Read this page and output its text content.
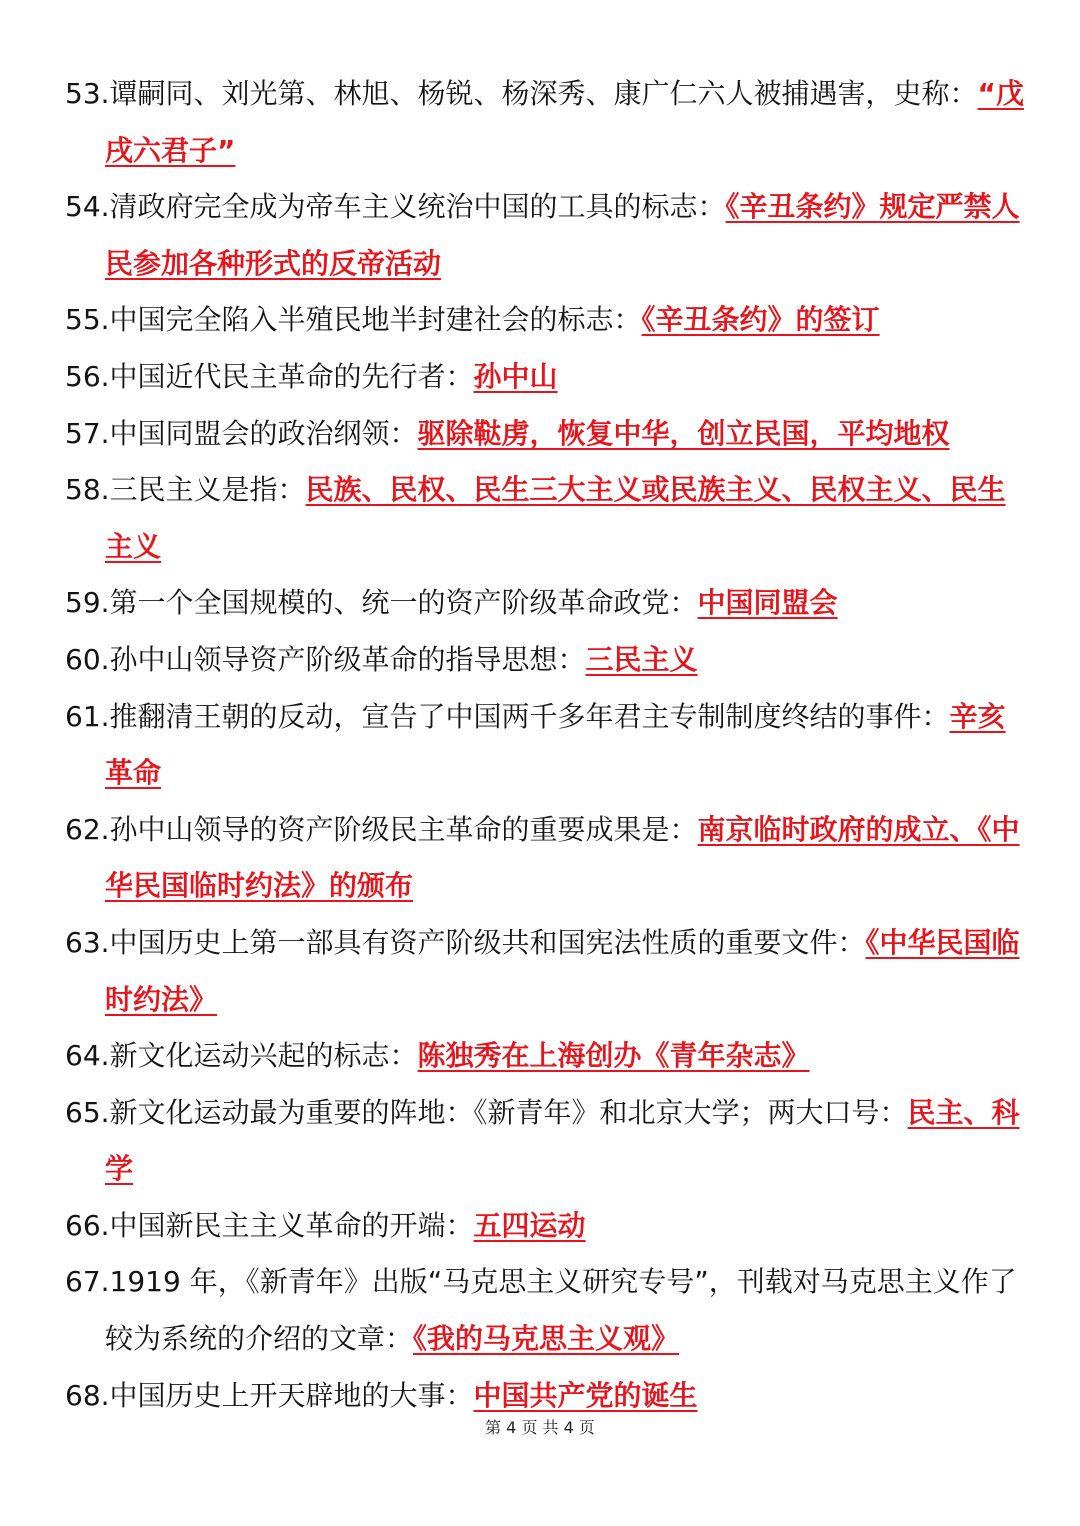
53.谭嗣同、刘光第、林旭、杨锐、杨深秀、康广仁六人被捕遇害，史称：“戊戌六君子”
54.清政府完全成为帝车主义统治中国的工具的标志：《辛丑条约》规定严禁人民参加各种形式的反帝活动
55.中国完全陷入半殖民地半封建社会的标志：《辛丑条约》的签订
56.中国近代民主革命的先行者：孙中山
57.中国同盟会的政治纲领：驱除鞑虏，恢复中华，创立民国，平均地权
58.三民主义是指：民族、民权、民生三大主义或民族主义、民权主义、民生主义
59.第一个全国规模的、统一的资产阶级革命政党：中国同盟会
60.孙中山领导资产阶级革命的指导思想：三民主义
61.推翻清王朝的反动，宣告了中国两千多年君主专制制度终结的事件：辛亥革命
62.孙中山领导的资产阶级民主革命的重要成果是：南京临时政府的成立、《中华民国临时约法》的颁布
63.中国历史上第一部具有资产阶级共和国宪法性质的重要文件：《中华民国临时约法》
64.新文化运动兴起的标志：陈独秀在上海创办《青年杂志》
65.新文化运动最为重要的阵地：《新青年》和北京大学；两大口号：民主、科学
66.中国新民主主义革命的开端：五四运动
67.1919 年，《新青年》出版“马克思主义研究专号”，刊载对马克思主义作了较为系统的介绍的文章：《我的马克思主义观》
68.中国历史上开天辟地的大事：中国共产党的诞生
第 4 页 共 4 页
